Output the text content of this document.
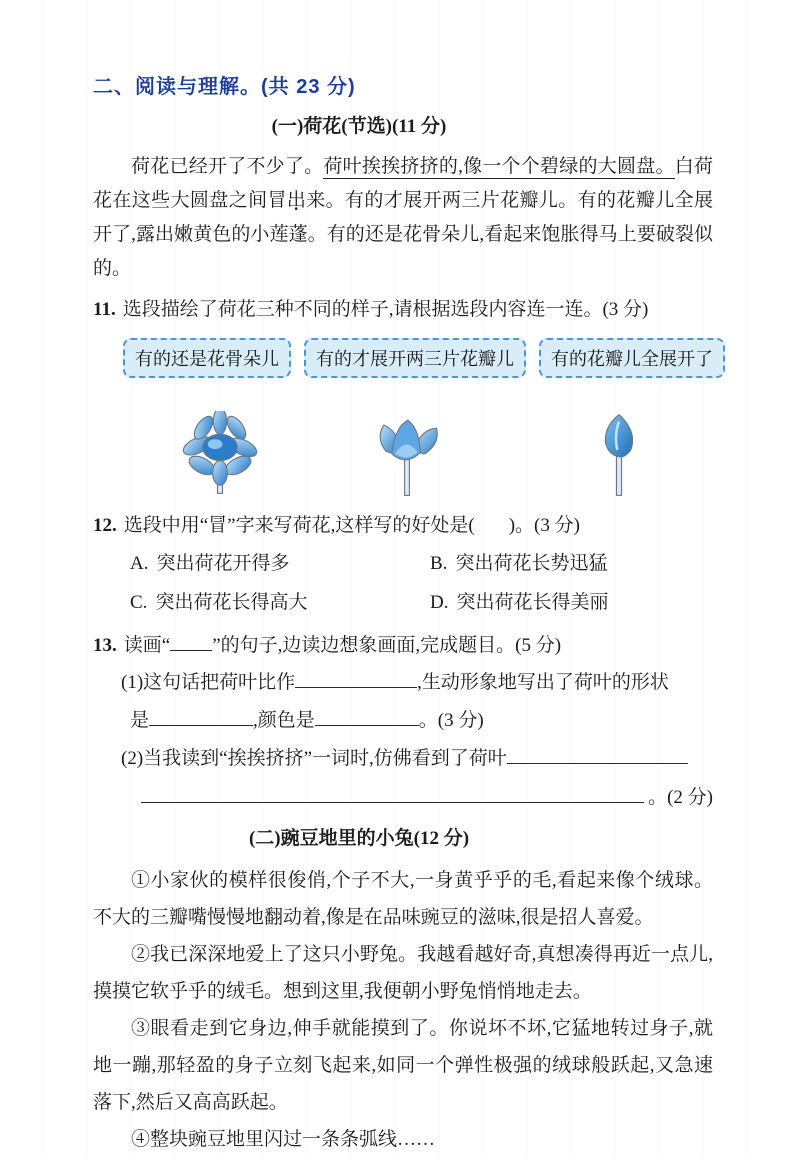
二、阅读与理解。(共 23 分)
(一)荷花(节选)(11 分)
荷花已经开了不少了。荷叶挨挨挤挤的,像一个个碧绿的大圆盘。白荷花在这些大圆盘之间冒出来。有的才展开两三片花瓣儿。有的花瓣儿全展开了,露出嫩黄色的小莲蓬。有的还是花骨朵儿,看起来饱胀得马上要破裂似的。
11. 选段描绘了荷花三种不同的样子,请根据选段内容连一连。(3 分)
有的还是花骨朵儿	有的才展开两三片花瓣儿	有的花瓣儿全展开了
12. 选段中用“冒”字来写荷花,这样写的好处是( )。(3 分)
A. 突出荷花开得多	B. 突出荷花长势迅猛
C. 突出荷花长得高大	D. 突出荷花长得美丽
13. 读画“ ”的句子,边读边想象画面,完成题目。(5 分)
(1)这句话把荷叶比作	,生动形象地写出了荷叶的形状
是	,颜色是	。(3 分)
(2)当我读到“挨挨挤挤”一词时,仿佛看到了荷叶
。(2 分)
(二)豌豆地里的小兔(12 分)

①小家伙的模样很俊俏,个子不大,一身黄乎乎的毛,看起来像个绒球。不大的三瓣嘴慢慢地翻动着,像是在品味豌豆的滋味,很是招人喜爱。

②我已深深地爱上了这只小野兔。我越看越好奇,真想凑得再近一点儿,摸摸它软乎乎的绒毛。想到这里,我便朝小野兔悄悄地走去。

③眼看走到它身边,伸手就能摸到了。你说坏不坏,它猛地转过身子,就地一蹦,那轻盈的身子立刻飞起来,如同一个弹性极强的绒球般跃起,又急速落下,然后又高高跃起。

④整块豌豆地里闪过一条条弧线……
